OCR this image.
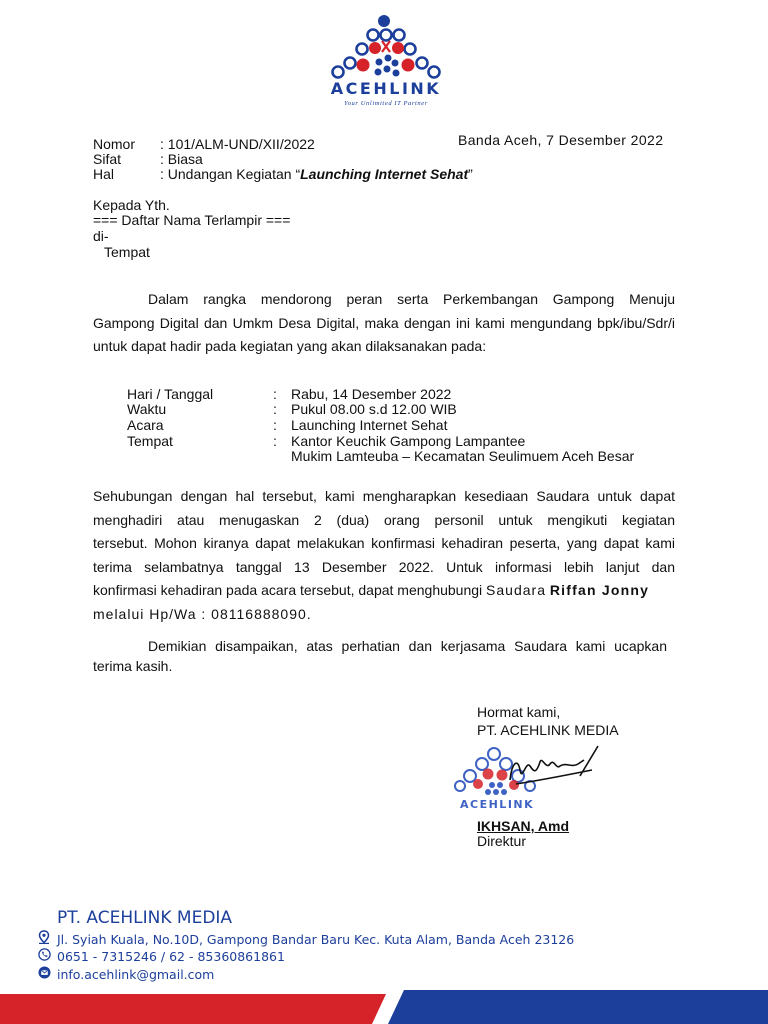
ACEHLINK
Your Unlimited IT Partner
Banda Aceh, 7 Desember 2022
Nomor : 101/ALM-UND/XII/2022
Sifat	: Biasa
Hal	: Undangan Kegiatan “Launching Internet Sehat”
Kepada Yth.
=== Daftar Nama Terlampir ===
di-
Tempat
Dalam rangka mendorong peran serta Perkembangan Gampong Menuju
Gampong Digital dan Umkm Desa Digital, maka dengan ini kami mengundang bpk/ibu/Sdr/i
untuk dapat hadir pada kegiatan yang akan dilaksanakan pada:
Hari / Tanggal	: Rabu, 14 Desember 2022
Waktu	: Pukul 08.00 s.d 12.00 WIB
Acara	: Launching Internet Sehat
Tempat	: Kantor Keuchik Gampong Lampantee
Mukim Lamteuba – Kecamatan Seulimuem Aceh Besar
Sehubungan dengan hal tersebut, kami mengharapkan kesediaan Saudara untuk dapat
menghadiri atau menugaskan 2 (dua) orang personil untuk mengikuti kegiatan
tersebut. Mohon kiranya dapat melakukan konfirmasi kehadiran peserta, yang dapat kami
terima selambatnya tanggal 13 Desember 2022. Untuk informasi lebih lanjut dan
konfirmasi kehadiran pada acara tersebut, dapat menghubungi Saudara Riffan Jonny
melalui Hp/Wa : 08116888090.
Demikian disampaikan, atas perhatian dan kerjasama Saudara kami ucapkan
terima kasih.
Hormat kami,
PT. ACEHLINK MEDIA
ACEHLINK
IKHSAN, Amd
Direktur
PT. ACEHLINK MEDIA
Jl. Syiah Kuala, No.10D, Gampong Bandar Baru Kec. Kuta Alam, Banda Aceh 23126
0651 - 7315246 / 62 - 85360861861
info.acehlink@gmail.com
